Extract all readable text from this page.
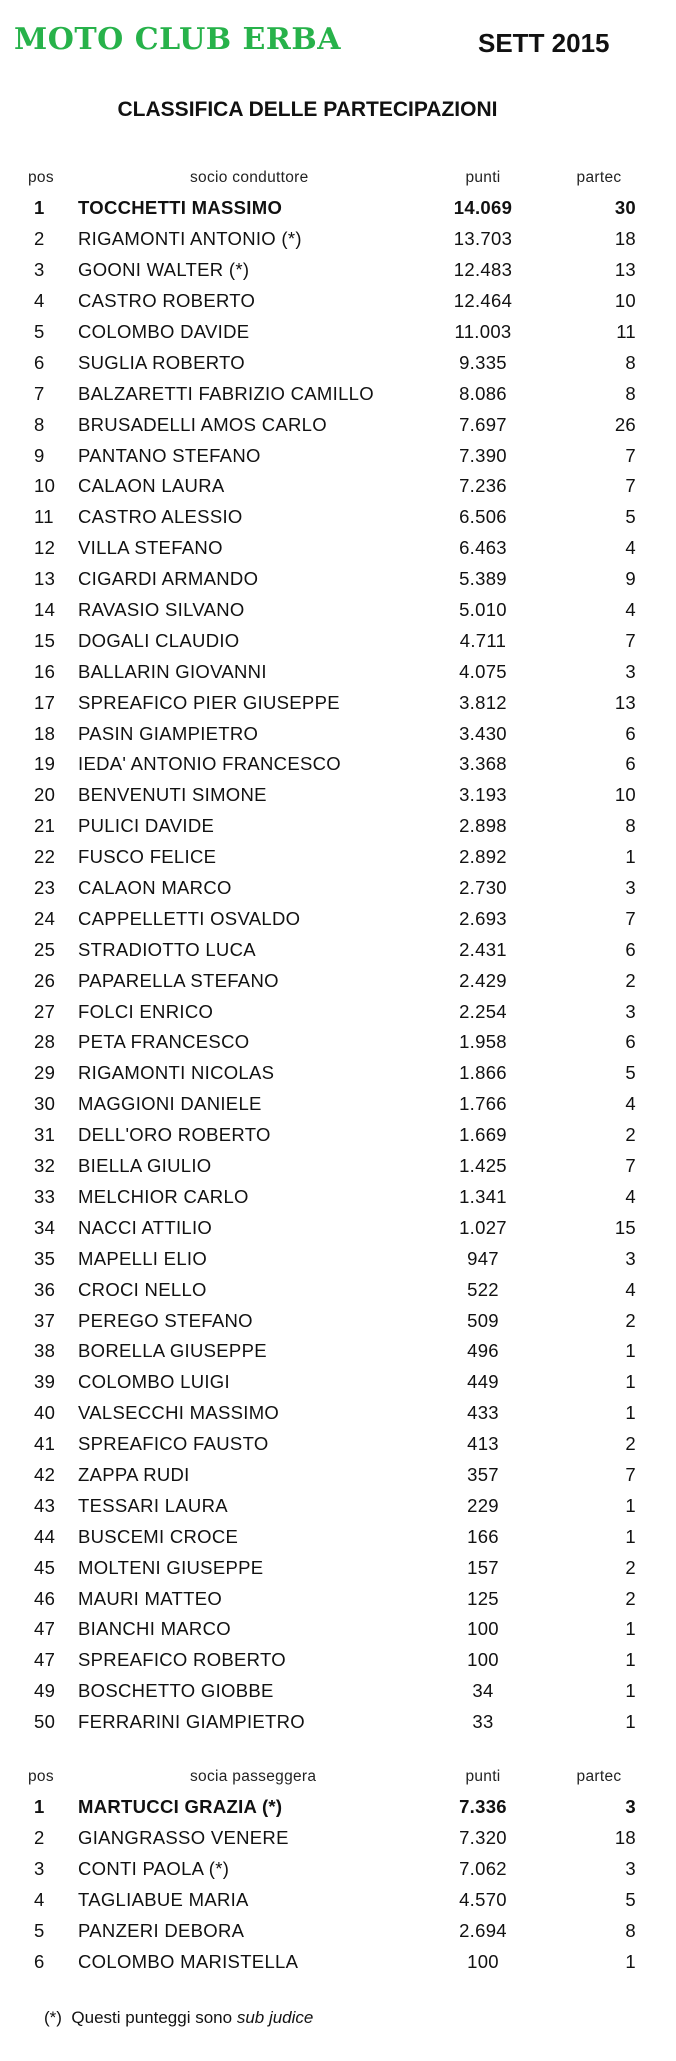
MOTO CLUB ERBA	SETT 2015
CLASSIFICA DELLE PARTECIPAZIONI
pos	socio conduttore	punti	partec
1 TOCCHETTI MASSIMO	14.069	30
2 RIGAMONTI ANTONIO (*)	13.703	18
3 GOONI WALTER (*)	12.483	13
4 CASTRO ROBERTO	12.464	10
5 COLOMBO DAVIDE	11.003	11
6 SUGLIA ROBERTO	9.335	8
7 BALZARETTI FABRIZIO CAMILLO	8.086	8
8 BRUSADELLI AMOS CARLO	7.697	26
9 PANTANO STEFANO	7.390	7
10 CALAON LAURA	7.236	7
11 CASTRO ALESSIO	6.506	5
12 VILLA STEFANO	6.463	4
13 CIGARDI ARMANDO	5.389	9
14 RAVASIO SILVANO	5.010	4
15 DOGALI CLAUDIO	4.711	7
16 BALLARIN GIOVANNI	4.075	3
17 SPREAFICO PIER GIUSEPPE	3.812	13
18 PASIN GIAMPIETRO	3.430	6
19 IEDA' ANTONIO FRANCESCO	3.368	6
20 BENVENUTI SIMONE	3.193	10
21 PULICI DAVIDE	2.898	8
22 FUSCO FELICE	2.892	1
23 CALAON MARCO	2.730	3
24 CAPPELLETTI OSVALDO	2.693	7
25 STRADIOTTO LUCA	2.431	6
26 PAPARELLA STEFANO	2.429	2
27 FOLCI ENRICO	2.254	3
28 PETA FRANCESCO	1.958	6
29 RIGAMONTI NICOLAS	1.866	5
30 MAGGIONI DANIELE	1.766	4
31 DELL'ORO ROBERTO	1.669	2
32 BIELLA GIULIO	1.425	7
33 MELCHIOR CARLO	1.341	4
34 NACCI ATTILIO	1.027	15
35 MAPELLI ELIO	947	3
36 CROCI NELLO	522	4
37 PEREGO STEFANO	509	2
38 BORELLA GIUSEPPE	496	1
39 COLOMBO LUIGI	449	1
40 VALSECCHI MASSIMO	433	1
41 SPREAFICO FAUSTO	413	2
42 ZAPPA RUDI	357	7
43 TESSARI LAURA	229	1
44 BUSCEMI CROCE	166	1
45 MOLTENI GIUSEPPE	157	2
46 MAURI MATTEO	125	2
47 BIANCHI MARCO	100	1
47 SPREAFICO ROBERTO	100	1
49 BOSCHETTO GIOBBE	34	1
50 FERRARINI GIAMPIETRO	33	1
pos	socia passeggera	punti	partec
1 MARTUCCI GRAZIA (*)	7.336	3
2 GIANGRASSO VENERE	7.320	18
3 CONTI PAOLA (*)	7.062	3
4 TAGLIABUE MARIA	4.570	5
5 PANZERI DEBORA	2.694	8
6 COLOMBO MARISTELLA	100	1
(*) Questi punteggi sono sub judice
